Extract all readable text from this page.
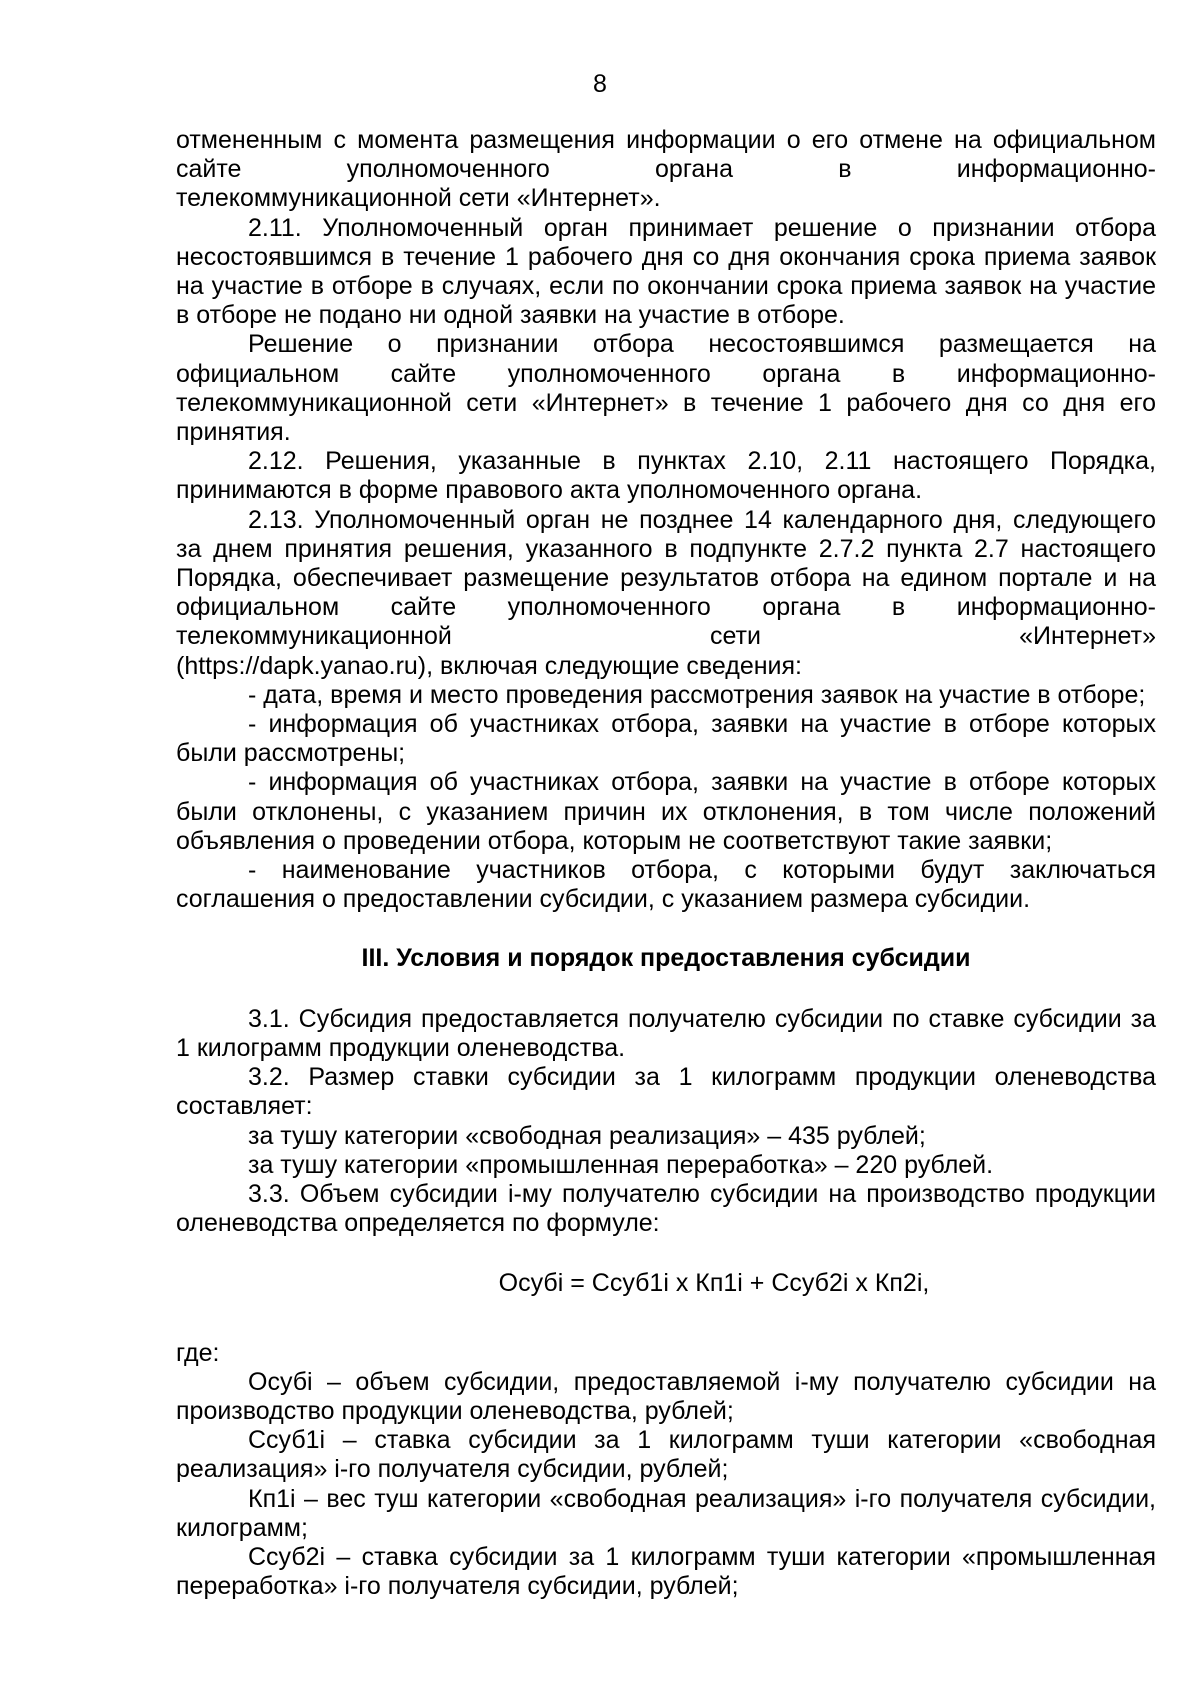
8

отмененным с момента размещения информации о его отмене на официальном сайте уполномоченного органа в информационно-

телекоммуникационной сети «Интернет».

2.11. Уполномоченный орган принимает решение о признании отбора несостоявшимся в течение 1 рабочего дня со дня окончания срока приема заявок на участие в отборе в случаях, если по окончании срока приема заявок на участие в отборе не подано ни одной заявки на участие в отборе.

Решение о признании отбора несостоявшимся размещается на официальном сайте уполномоченного органа в информационно-

телекоммуникационной сети «Интернет» в течение 1 рабочего дня со дня его принятия.

2.12. Решения, указанные в пунктах 2.10, 2.11 настоящего Порядка, принимаются в форме правового акта уполномоченного органа.

2.13. Уполномоченный орган не позднее 14 календарного дня, следующего за днем принятия решения, указанного в подпункте 2.7.2 пункта 2.7 настоящего Порядка, обеспечивает размещение результатов отбора на едином портале и на официальном сайте уполномоченного органа в информационно-телекоммуникационной сети «Интернет»

(https://dapk.yanao.ru), включая следующие сведения:

- дата, время и место проведения рассмотрения заявок на участие в отборе;

- информация об участниках отбора, заявки на участие в отборе которых были рассмотрены;

- информация об участниках отбора, заявки на участие в отборе которых были отклонены, с указанием причин их отклонения, в том числе положений объявления о проведении отбора, которым не соответствуют такие заявки;

- наименование участников отбора, с которыми будут заключаться соглашения о предоставлении субсидии, с указанием размера субсидии.

III. Условия и порядок предоставления субсидии

3.1. Субсидия предоставляется получателю субсидии по ставке субсидии за 1 килограмм продукции оленеводства.

3.2. Размер ставки субсидии за 1 килограмм продукции оленеводства составляет:

за тушу категории «свободная реализация» – 435 рублей;

за тушу категории «промышленная переработка» – 220 рублей.

3.3. Объем субсидии i-му получателю субсидии на производство продукции оленеводства определяется по формуле:

Осубi = Ссуб1i x Кп1i + Ссуб2i x Кп2i,

где:

Осубi – объем субсидии, предоставляемой i-му получателю субсидии на производство продукции оленеводства, рублей;

Ссуб1i – ставка субсидии за 1 килограмм туши категории «свободная реализация» i-го получателя субсидии, рублей;

Кп1i – вес туш категории «свободная реализация» i-го получателя субсидии, килограмм;

Ссуб2i – ставка субсидии за 1 килограмм туши категории «промышленная переработка» i-го получателя субсидии, рублей;
